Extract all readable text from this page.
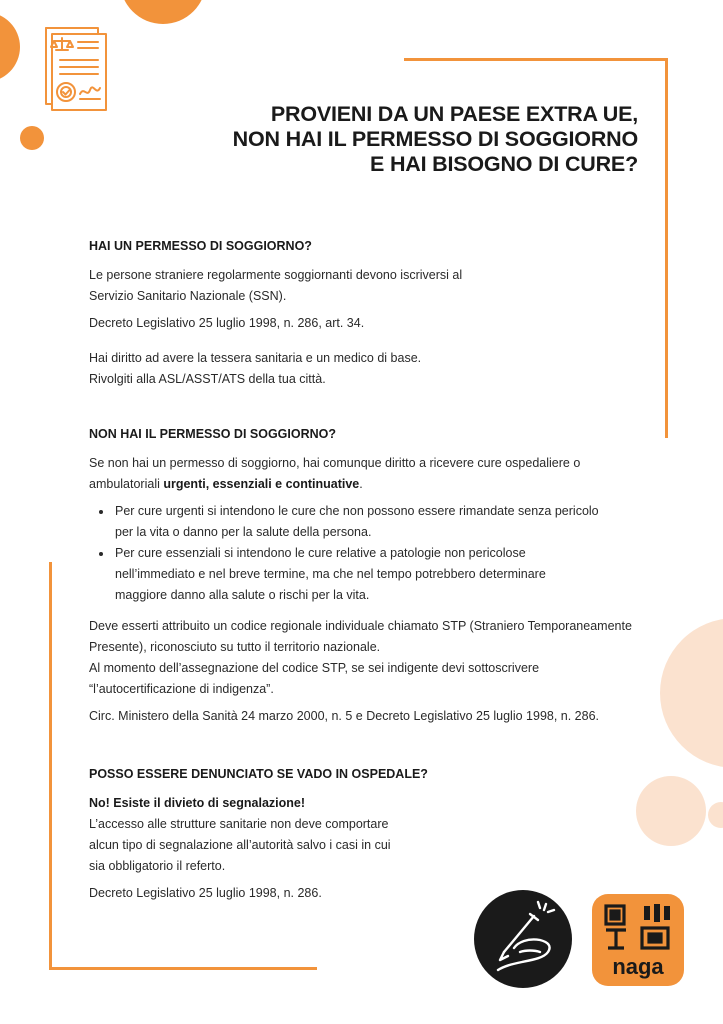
PROVIENI DA UN PAESE EXTRA UE,
NON HAI IL PERMESSO DI SOGGIORNO
E HAI BISOGNO DI CURE?
HAI UN PERMESSO DI SOGGIORNO?
Le persone straniere regolarmente soggiornanti devono iscriversi al
Servizio Sanitario Nazionale (SSN).
Decreto Legislativo 25 luglio 1998, n. 286, art. 34.
Hai diritto ad avere la tessera sanitaria e un medico di base.
Rivolgiti alla ASL/ASST/ATS della tua città.
NON HAI IL PERMESSO DI SOGGIORNO?
Se non hai un permesso di soggiorno, hai comunque diritto a ricevere cure ospedaliere o
ambulatoriali urgenti, essenziali e continuative.
• Per cure urgenti si intendono le cure che non possono essere rimandate senza pericolo
per la vita o danno per la salute della persona.
• Per cure essenziali si intendono le cure relative a patologie non pericolose
nell’immediato e nel breve termine, ma che nel tempo potrebbero determinare
maggiore danno alla salute o rischi per la vita.
Deve esserti attribuito un codice regionale individuale chiamato STP (Straniero Temporaneamente
Presente), riconosciuto su tutto il territorio nazionale.
Al momento dell’assegnazione del codice STP, se sei indigente devi sottoscrivere
“l’autocertificazione di indigenza”.
Circ. Ministero della Sanità 24 marzo 2000, n. 5 e Decreto Legislativo 25 luglio 1998, n. 286.
POSSO ESSERE DENUNCIATO SE VADO IN OSPEDALE?
No! Esiste il divieto di segnalazione!
L’accesso alle strutture sanitarie non deve comportare
alcun tipo di segnalazione all’autorità salvo i casi in cui
sia obbligatorio il referto.
Decreto Legislativo 25 luglio 1998, n. 286.
naga
